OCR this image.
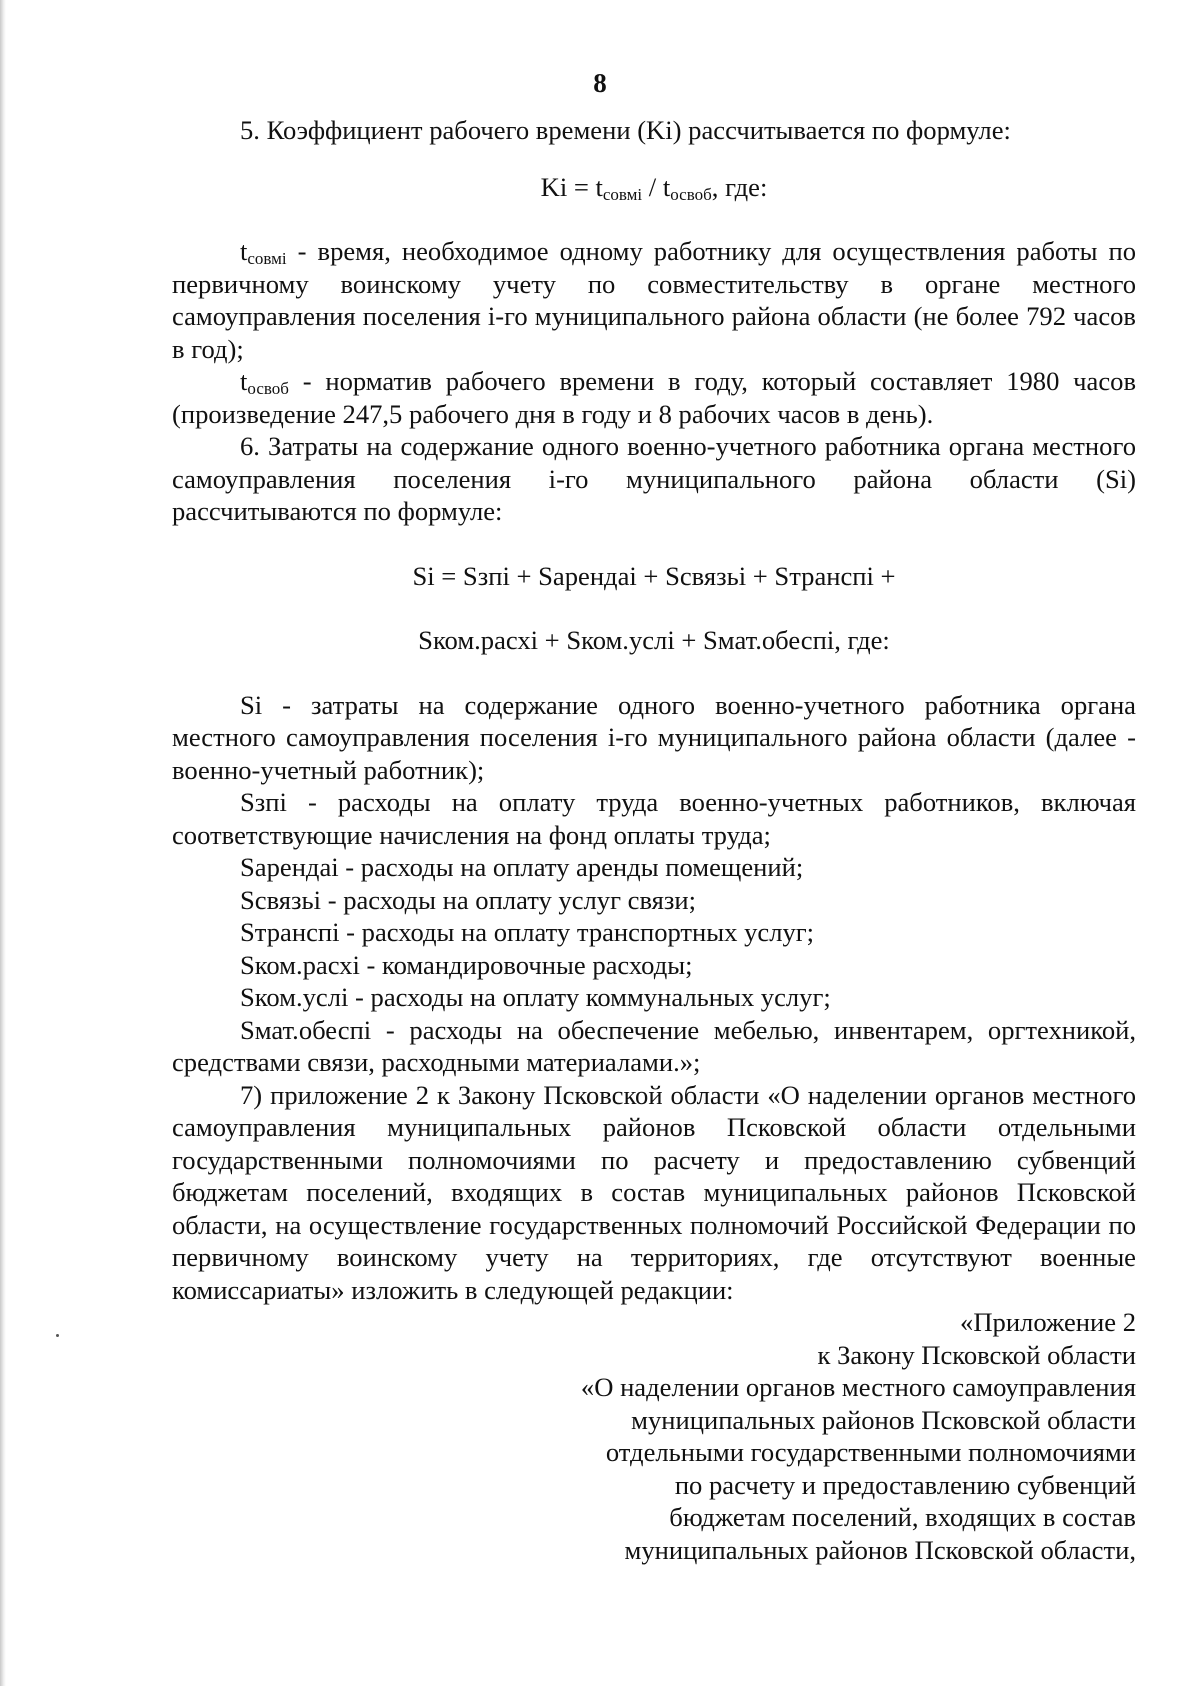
8

5. Коэффициент рабочего времени (Ki) рассчитывается по формуле:

$Ki = t_{совмi} / t_{освоб}$, где:

$t_{совмi}$ - время, необходимое одному работнику для осуществления работы по первичному воинскому учету по совместительству в органе местного самоуправления поселения i-го муниципального района области (не более 792 часов в год);

$t_{освоб}$ - норматив рабочего времени в году, который составляет 1980 часов (произведение 247,5 рабочего дня в году и 8 рабочих часов в день).

6. Затраты на содержание одного военно-учетного работника органа местного самоуправления поселения i-го муниципального района области (Si) рассчитываются по формуле:

Si = Sзпi + Sарендаi + Sсвязьi + Sтранспi +

Sком.расхi + Sком.услi + Sмат.обеспi, где:

Si - затраты на содержание одного военно-учетного работника органа местного самоуправления поселения i-го муниципального района области (далее - военно-учетный работник);

Sзпi - расходы на оплату труда военно-учетных работников, включая соответствующие начисления на фонд оплаты труда;

Sарендаi - расходы на оплату аренды помещений;

Sсвязьi - расходы на оплату услуг связи;

Sтранспi - расходы на оплату транспортных услуг;

Sком.расхi - командировочные расходы;

Sком.услi - расходы на оплату коммунальных услуг;

Sмат.обеспi - расходы на обеспечение мебелью, инвентарем, оргтехникой, средствами связи, расходными материалами.»;

7) приложение 2 к Закону Псковской области «О наделении органов местного самоуправления муниципальных районов Псковской области отдельными государственными полномочиями по расчету и предоставлению субвенций бюджетам поселений, входящих в состав муниципальных районов Псковской области, на осуществление государственных полномочий Российской Федерации по первичному воинскому учету на территориях, где отсутствуют военные комиссариаты» изложить в следующей редакции:

«Приложение 2

к Закону Псковской области

«О наделении органов местного самоуправления

муниципальных районов Псковской области

отдельными государственными полномочиями

по расчету и предоставлению субвенций

бюджетам поселений, входящих в состав

муниципальных районов Псковской области,
